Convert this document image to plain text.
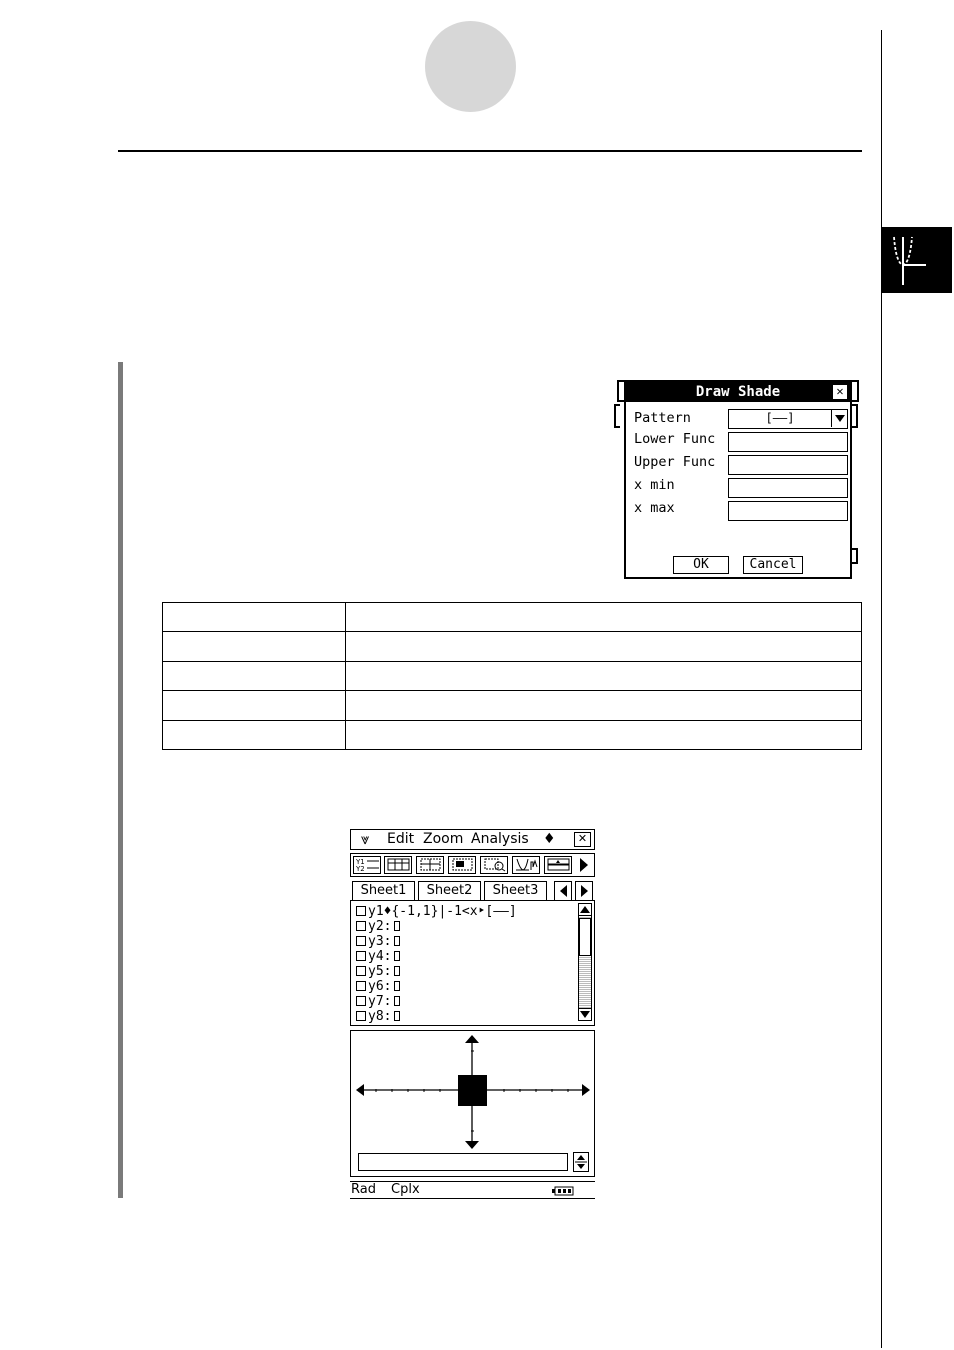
Draw Shade	✕
Pattern	[――]
Lower Func
Upper Func
x min
x max
OK	Cancel

⩔ Edit Zoom Analysis ♦	✕
Y1
Y2
Sheet1	Sheet2	Sheet3
y1♦{-1,1}|-1<x‣[――]
y2:
y3:
y4:
y5:
y6:
y7:
y8:
Rad Cplx
